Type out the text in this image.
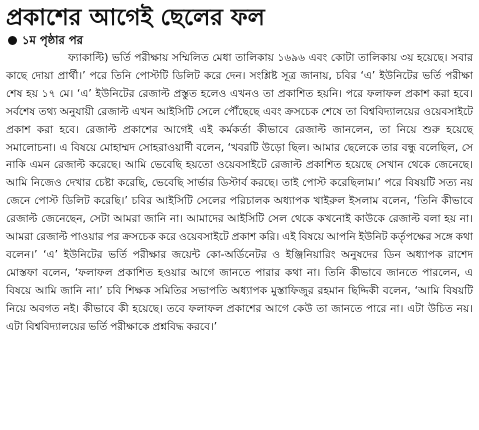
প্রকাশের আগেই ছেলের ফল
১ম পৃষ্ঠার পর

ফ্যাকাল্টি) ভর্তি পরীক্ষায় সম্মিলিত মেধা তালিকায় ১৬৯৬ এবং কোটা তালিকায় ৩য় হয়েছে। সবার কাছে দোয়া প্রার্থী।’ পরে তিনি পোস্টটি ডিলিট করে দেন। সংশ্লিষ্ট সূত্র জানায়, চবির ‘এ’ ইউনিটের ভর্তি পরীক্ষা শেষ হয় ১৭ মে। ‘এ’ ইউনিটের রেজাল্ট প্রস্তুত হলেও এখনও তা প্রকাশিত হয়নি। পরে ফলাফল প্রকাশ করা হবে। সর্বশেষ তথ্য অনুযায়ী রেজাল্ট এখন আইসিটি সেলে পৌঁছেছে এবং ক্রসচেক শেষে তা বিশ্ববিদ্যালয়ের ওয়েবসাইটে প্রকাশ করা হবে। রেজাল্ট প্রকাশের আগেই এই কর্মকর্তা কীভাবে রেজাল্ট জানলেন, তা নিয়ে শুরু হয়েছে সমালোচনা। এ বিষয়ে মোহাম্মদ সোহরাওয়ার্দী বলেন, ‘খবরটি উড়ো ছিল। আমার ছেলেকে তার বন্ধু বলেছিল, সে নাকি এমন রেজাল্ট করেছে। আমি ভেবেছি হয়তো ওয়েবসাইটে রেজাল্ট প্রকাশিত হয়েছে সেখান থেকে জেনেছে। আমি নিজেও দেখার চেষ্টা করেছি, ভেবেছি সার্ভার ডিস্টার্ব করছে। তাই পোস্ট করেছিলাম।’ পরে বিষয়টি সত্য নয় জেনে পোস্ট ডিলিট করেছি।’ চবির আইসিটি সেলের পরিচালক অধ্যাপক খাইরুল ইসলাম বলেন, ‘তিনি কীভাবে রেজাল্ট জেনেছেন, সেটা আমরা জানি না। আমাদের আইসিটি সেল থেকে কখনোই কাউকে রেজাল্ট বলা হয় না। আমরা রেজাল্ট পাওয়ার পর ক্রসচেক করে ওয়েবসাইটে প্রকাশ করি। এই বিষয়ে আপনি ইউনিট কর্তৃপক্ষের সঙ্গে কথা বলেন।’ ‘এ’ ইউনিটের ভর্তি পরীক্ষার জয়েন্ট কো-অর্ডিনেটর ও ইঞ্জিনিয়ারিং অনুষদের ডিন অধ্যাপক রাশেদ মোস্তফা বলেন, ‘ফলাফল প্রকাশিত হওয়ার আগে জানতে পারার কথা না। তিনি কীভাবে জানতে পারলেন, এ বিষয়ে আমি জানি না।’ চবি শিক্ষক সমিতির সভাপতি অধ্যাপক মুস্তাফিজুর রহমান ছিদ্দিকী বলেন, ‘আমি বিষয়টি নিয়ে অবগত নই। কীভাবে কী হয়েছে। তবে ফলাফল প্রকাশের আগে কেউ তা জানতে পারে না। এটা উচিত নয়। এটা বিশ্ববিদ্যালয়ের ভর্তি পরীক্ষাকে প্রশ্নবিদ্ধ করবে।’
